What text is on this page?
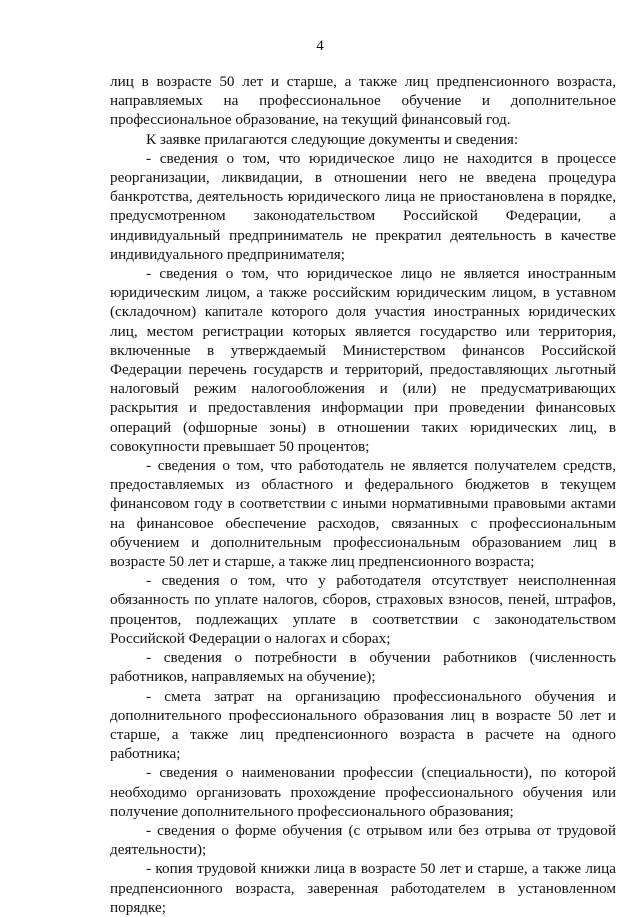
4

лиц в возрасте 50 лет и старше, а также лиц предпенсионного возраста, направляемых на профессиональное обучение и дополнительное профессиональное образование, на текущий финансовый год.

К заявке прилагаются следующие документы и сведения:

- сведения о том, что юридическое лицо не находится в процессе реорганизации, ликвидации, в отношении него не введена процедура банкротства, деятельность юридического лица не приостановлена в порядке, предусмотренном законодательством Российской Федерации, а индивидуальный предприниматель не прекратил деятельность в качестве индивидуального предпринимателя;

- сведения о том, что юридическое лицо не является иностранным юридическим лицом, а также российским юридическим лицом, в уставном (складочном) капитале которого доля участия иностранных юридических лиц, местом регистрации которых является государство или территория, включенные в утверждаемый Министерством финансов Российской Федерации перечень государств и территорий, предоставляющих льготный налоговый режим налогообложения и (или) не предусматривающих раскрытия и предоставления информации при проведении финансовых операций (офшорные зоны) в отношении таких юридических лиц, в совокупности превышает 50 процентов;

- сведения о том, что работодатель не является получателем средств, предоставляемых из областного и федерального бюджетов в текущем финансовом году в соответствии с иными нормативными правовыми актами на финансовое обеспечение расходов, связанных с профессиональным обучением и дополнительным профессиональным образованием лиц в возрасте 50 лет и старше, а также лиц предпенсионного возраста;

- сведения о том, что у работодателя отсутствует неисполненная обязанность по уплате налогов, сборов, страховых взносов, пеней, штрафов, процентов, подлежащих уплате в соответствии с законодательством Российской Федерации о налогах и сборах;

- сведения о потребности в обучении работников (численность работников, направляемых на обучение);

- смета затрат на организацию профессионального обучения и дополнительного профессионального образования лиц в возрасте 50 лет и старше, а также лиц предпенсионного возраста в расчете на одного работника;

- сведения о наименовании профессии (специальности), по которой необходимо организовать прохождение профессионального обучения или получение дополнительного профессионального образования;

- сведения о форме обучения (с отрывом или без отрыва от трудовой деятельности);

- копия трудовой книжки лица в возрасте 50 лет и старше, а также лица предпенсионного возраста, заверенная работодателем в установленном порядке;
